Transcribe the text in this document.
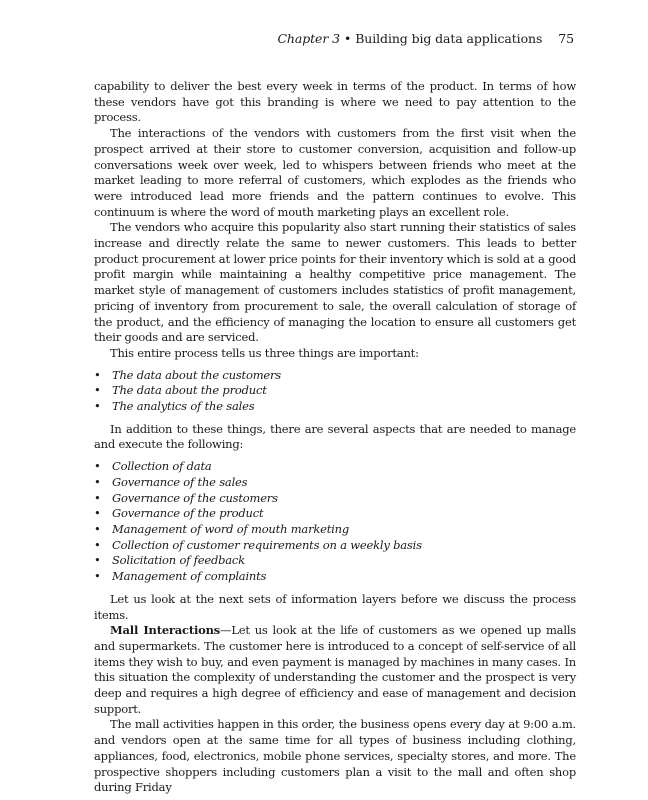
Chapter 3 • Building big data applications 75

capability to deliver the best every week in terms of the product. In terms of how these vendors have got this branding is where we need to pay attention to the process.

The interactions of the vendors with customers from the first visit when the prospect arrived at their store to customer conversion, acquisition and follow-up conversations week over week, led to whispers between friends who meet at the market leading to more referral of customers, which explodes as the friends who were introduced lead more friends and the pattern continues to evolve. This continuum is where the word of mouth marketing plays an excellent role.

The vendors who acquire this popularity also start running their statistics of sales increase and directly relate the same to newer customers. This leads to better product procurement at lower price points for their inventory which is sold at a good profit margin while maintaining a healthy competitive price management. The market style of management of customers includes statistics of profit management, pricing of inventory from procurement to sale, the overall calculation of storage of the product, and the efficiency of managing the location to ensure all customers get their goods and are serviced.

This entire process tells us three things are important:

• The data about the customers
• The data about the product
• The analytics of the sales

In addition to these things, there are several aspects that are needed to manage and execute the following:

• Collection of data
• Governance of the sales
• Governance of the customers
• Governance of the product
• Management of word of mouth marketing
• Collection of customer requirements on a weekly basis
• Solicitation of feedback
• Management of complaints

Let us look at the next sets of information layers before we discuss the process items.

Mall Interactions—Let us look at the life of customers as we opened up malls and supermarkets. The customer here is introduced to a concept of self-service of all items they wish to buy, and even payment is managed by machines in many cases. In this situation the complexity of understanding the customer and the prospect is very deep and requires a high degree of efficiency and ease of management and decision support.

The mall activities happen in this order, the business opens every day at 9:00 a.m. and vendors open at the same time for all types of business including clothing, appliances, food, electronics, mobile phone services, specialty stores, and more. The prospective shoppers including customers plan a visit to the mall and often shop during Friday
